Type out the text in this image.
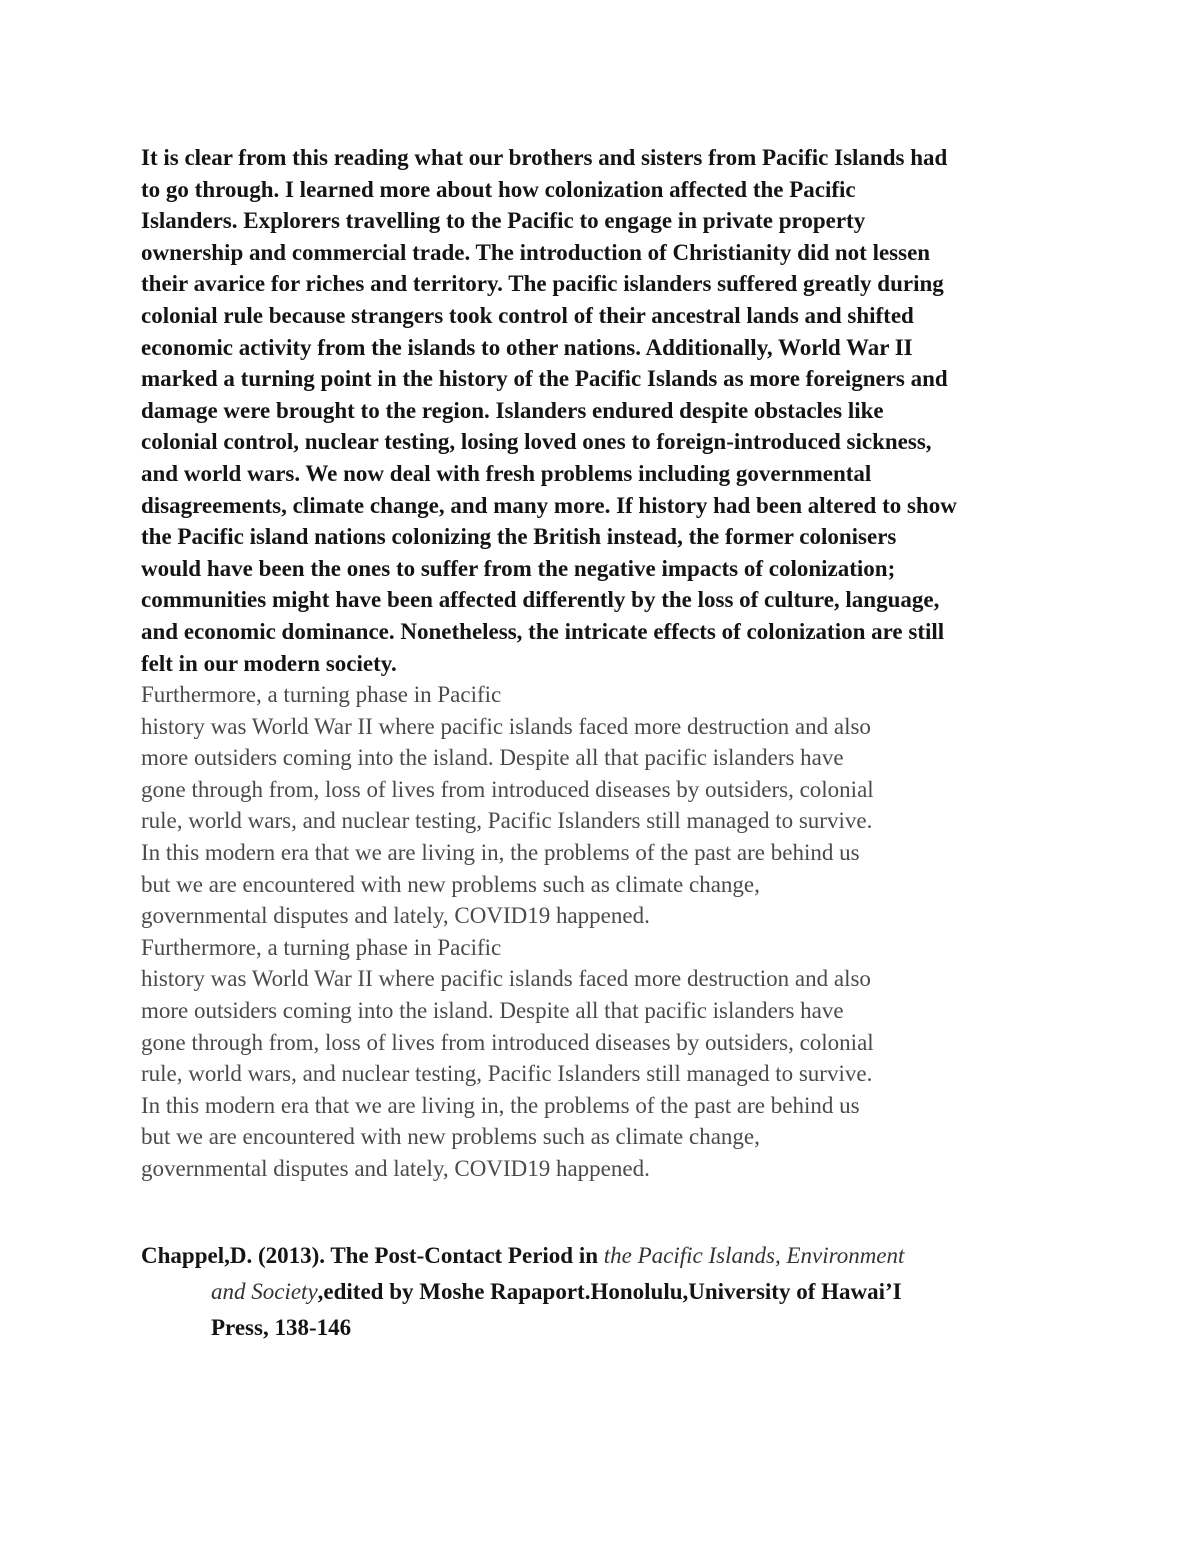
It is clear from this reading what our brothers and sisters from Pacific Islands had
to go through. I learned more about how colonization affected the Pacific
Islanders. Explorers travelling to the Pacific to engage in private property
ownership and commercial trade. The introduction of Christianity did not lessen
their avarice for riches and territory. The pacific islanders suffered greatly during
colonial rule because strangers took control of their ancestral lands and shifted
economic activity from the islands to other nations. Additionally, World War II
marked a turning point in the history of the Pacific Islands as more foreigners and
damage were brought to the region. Islanders endured despite obstacles like
colonial control, nuclear testing, losing loved ones to foreign-introduced sickness,
and world wars. We now deal with fresh problems including governmental
disagreements, climate change, and many more. If history had been altered to show
the Pacific island nations colonizing the British instead, the former colonisers
would have been the ones to suffer from the negative impacts of colonization;
communities might have been affected differently by the loss of culture, language,
and economic dominance. Nonetheless, the intricate effects of colonization are still
felt in our modern society.
Furthermore, a turning phase in Pacific
history was World War II where pacific islands faced more destruction and also
more outsiders coming into the island. Despite all that pacific islanders have
gone through from, loss of lives from introduced diseases by outsiders, colonial
rule, world wars, and nuclear testing, Pacific Islanders still managed to survive.
In this modern era that we are living in, the problems of the past are behind us
but we are encountered with new problems such as climate change,
governmental disputes and lately, COVID19 happened.
Furthermore, a turning phase in Pacific
history was World War II where pacific islands faced more destruction and also
more outsiders coming into the island. Despite all that pacific islanders have
gone through from, loss of lives from introduced diseases by outsiders, colonial
rule, world wars, and nuclear testing, Pacific Islanders still managed to survive.
In this modern era that we are living in, the problems of the past are behind us
but we are encountered with new problems such as climate change,
governmental disputes and lately, COVID19 happened.
Chappel,D. (2013). The Post-Contact Period in the Pacific Islands, Environment
and Society,edited by Moshe Rapaport.Honolulu,University of Hawai’I
Press, 138-146
